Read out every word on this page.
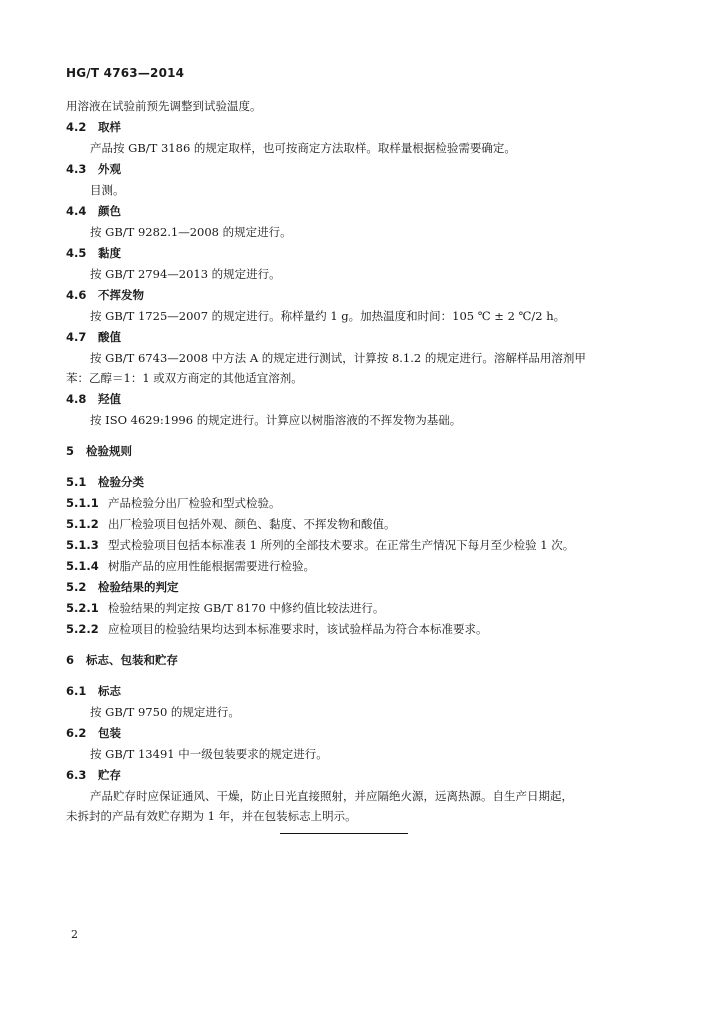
HG/T 4763—2014
用溶液在试验前预先调整到试验温度。
4.2 取样
产品按 GB/T 3186 的规定取样，也可按商定方法取样。取样量根据检验需要确定。
4.3 外观
目测。
4.4 颜色
按 GB/T 9282.1—2008 的规定进行。
4.5 黏度
按 GB/T 2794—2013 的规定进行。
4.6 不挥发物
按 GB/T 1725—2007 的规定进行。称样量约 1 g。加热温度和时间：105 ℃ ± 2 ℃/2 h。
4.7 酸值
按 GB/T 6743—2008 中方法 A 的规定进行测试，计算按 8.1.2 的规定进行。溶解样品用溶剂甲
苯：乙醇＝1：1 或双方商定的其他适宜溶剂。
4.8 羟值
按 ISO 4629:1996 的规定进行。计算应以树脂溶液的不挥发物为基础。
5 检验规则
5.1 检验分类
5.1.1 产品检验分出厂检验和型式检验。
5.1.2 出厂检验项目包括外观、颜色、黏度、不挥发物和酸值。
5.1.3 型式检验项目包括本标准表 1 所列的全部技术要求。在正常生产情况下每月至少检验 1 次。
5.1.4 树脂产品的应用性能根据需要进行检验。
5.2 检验结果的判定
5.2.1 检验结果的判定按 GB/T 8170 中修约值比较法进行。
5.2.2 应检项目的检验结果均达到本标准要求时，该试验样品为符合本标准要求。
6 标志、包装和贮存
6.1 标志
按 GB/T 9750 的规定进行。
6.2 包装
按 GB/T 13491 中一级包装要求的规定进行。
6.3 贮存
产品贮存时应保证通风、干燥，防止日光直接照射，并应隔绝火源，远离热源。自生产日期起，
未拆封的产品有效贮存期为 1 年，并在包装标志上明示。
2
